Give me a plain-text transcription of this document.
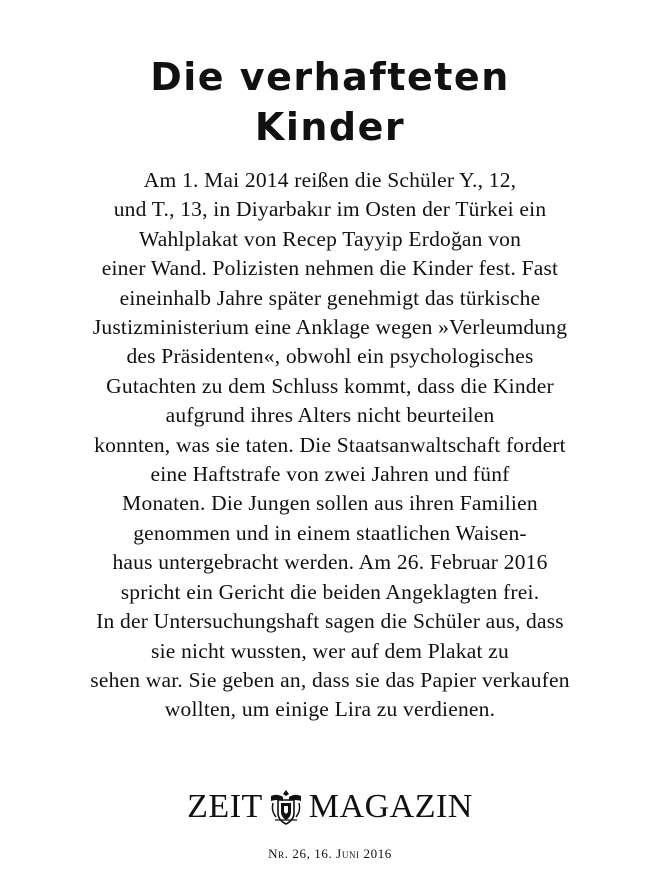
Die verhafteten
Kinder

Am 1. Mai 2014 reißen die Schüler Y., 12,
und T., 13, in Diyarbakır im Osten der Türkei ein
Wahlplakat von Recep Tayyip Erdoğan von
einer Wand. Polizisten nehmen die Kinder fest. Fast
eineinhalb Jahre später genehmigt das türkische
Justizministerium eine Anklage wegen »Verleumdung
des Präsidenten«, obwohl ein psychologisches
Gutachten zu dem Schluss kommt, dass die Kinder
aufgrund ihres Alters nicht beurteilen
konnten, was sie taten. Die Staatsanwaltschaft fordert
eine Haftstrafe von zwei Jahren und fünf
Monaten. Die Jungen sollen aus ihren Familien
genommen und in einem staatlichen Waisen-
haus untergebracht werden. Am 26. Februar 2016
spricht ein Gericht die beiden Angeklagten frei.
In der Untersuchungshaft sagen die Schüler aus, dass
sie nicht wussten, wer auf dem Plakat zu
sehen war. Sie geben an, dass sie das Papier verkaufen
wollten, um einige Lira zu verdienen.

ZEIT MAGAZIN
Nr. 26, 16. Juni 2016
